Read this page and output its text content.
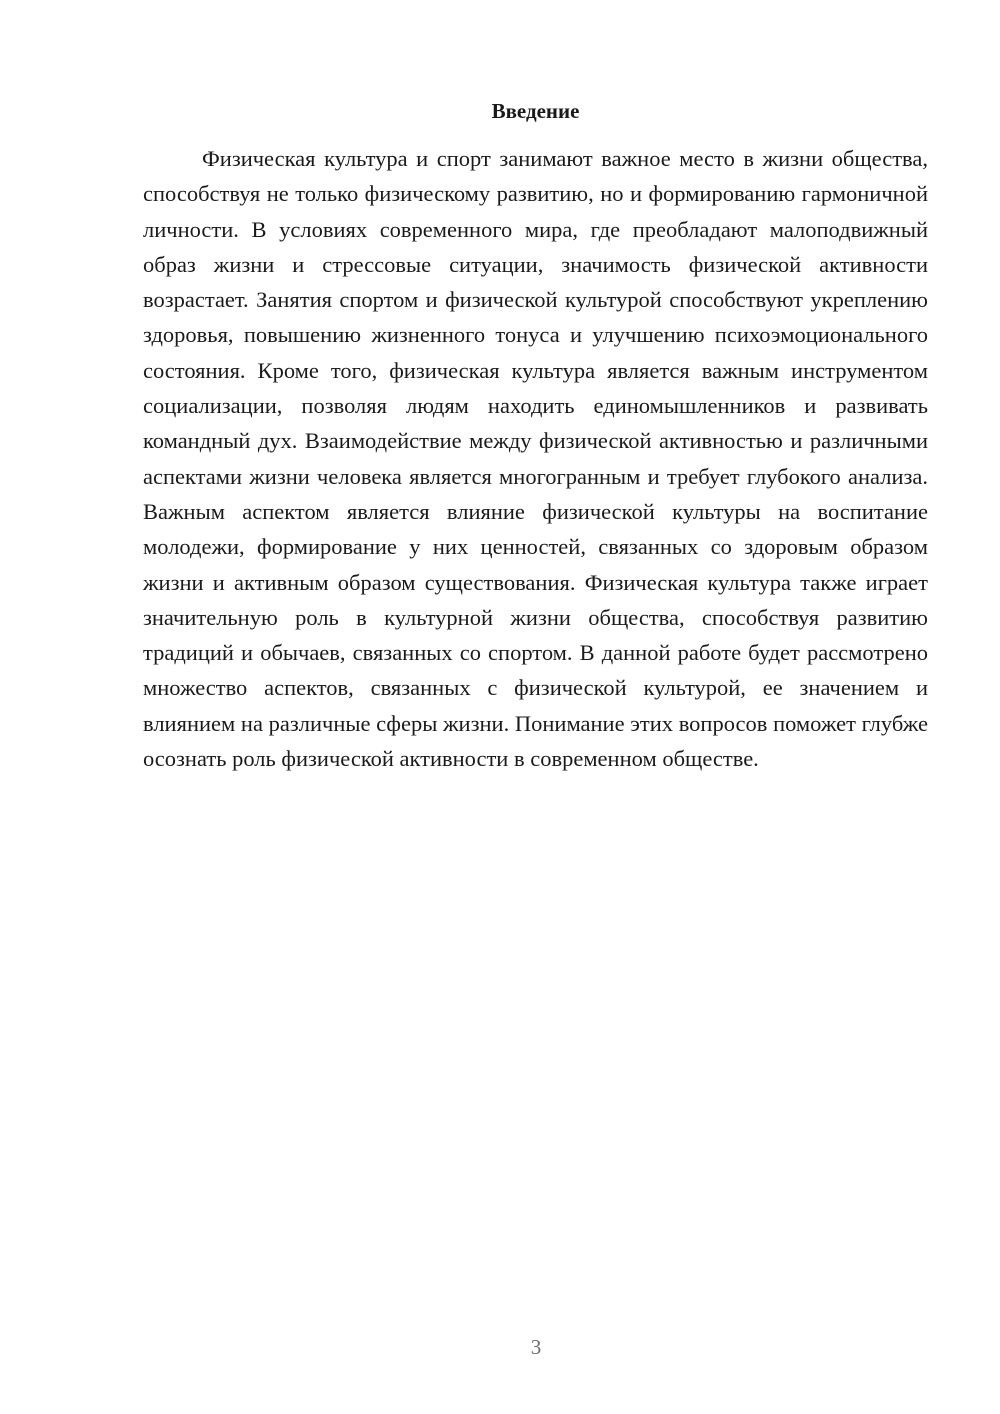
Введение

Физическая культура и спорт занимают важное место в жизни общества, способствуя не только физическому развитию, но и формированию гармоничной личности. В условиях современного мира, где преобладают малоподвижный образ жизни и стрессовые ситуации, значимость физической активности возрастает. Занятия спортом и физической культурой способствуют укреплению здоровья, повышению жизненного тонуса и улучшению психоэмоционального состояния. Кроме того, физическая культура является важным инструментом социализации, позволяя людям находить единомышленников и развивать командный дух. Взаимодействие между физической активностью и различными аспектами жизни человека является многогранным и требует глубокого анализа. Важным аспектом является влияние физической культуры на воспитание молодежи, формирование у них ценностей, связанных со здоровым образом жизни и активным образом существования. Физическая культура также играет значительную роль в культурной жизни общества, способствуя развитию традиций и обычаев, связанных со спортом. В данной работе будет рассмотрено множество аспектов, связанных с физической культурой, ее значением и влиянием на различные сферы жизни. Понимание этих вопросов поможет глубже осознать роль физической активности в современном обществе.

3
